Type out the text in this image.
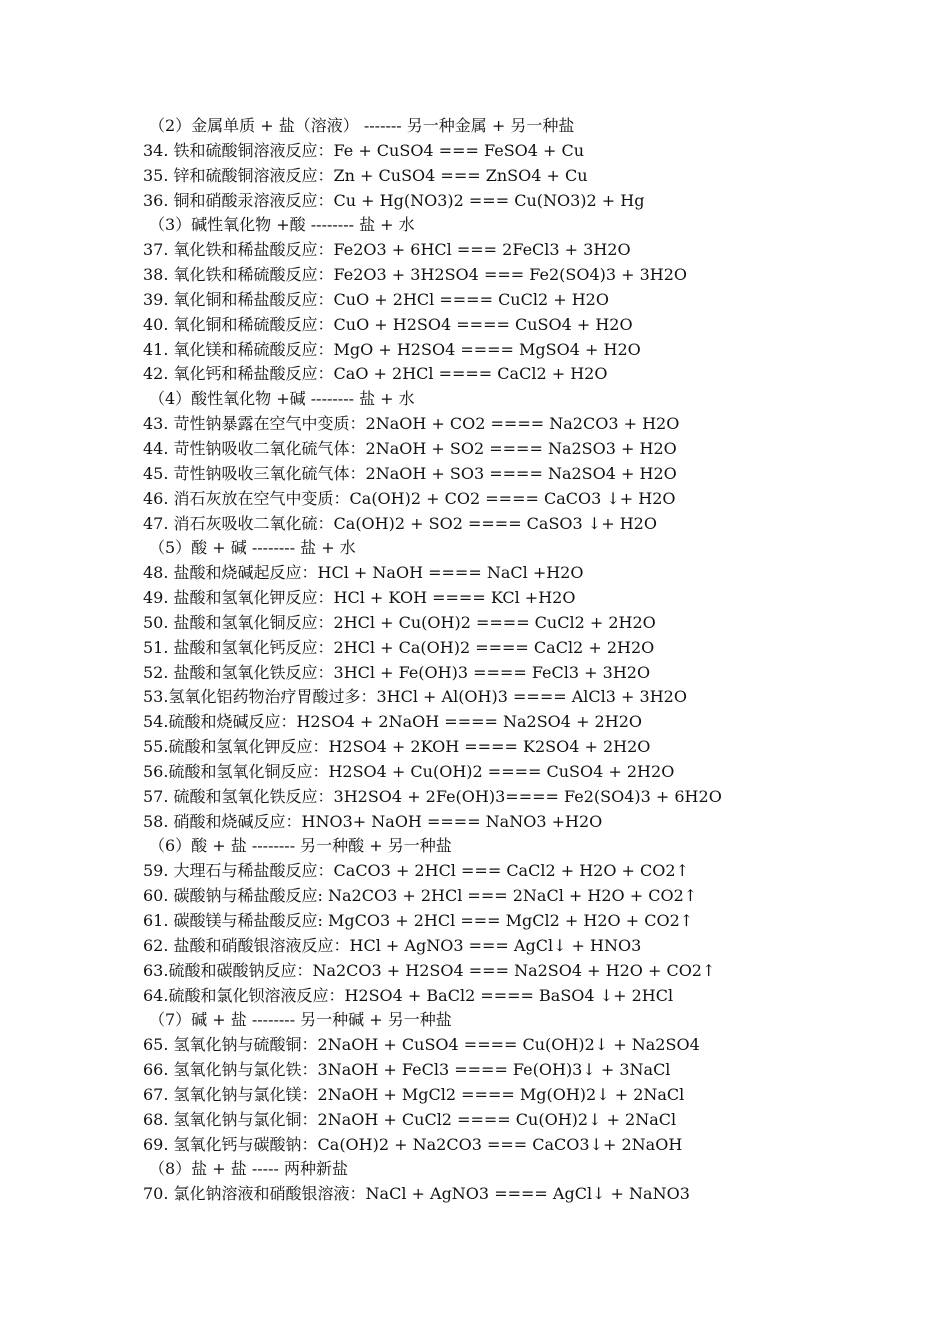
（2）金属单质 + 盐（溶液） ------- 另一种金属 + 另一种盐
34. 铁和硫酸铜溶液反应：Fe + CuSO4 === FeSO4 + Cu
35. 锌和硫酸铜溶液反应：Zn + CuSO4 === ZnSO4 + Cu
36. 铜和硝酸汞溶液反应：Cu + Hg(NO3)2 === Cu(NO3)2 + Hg
（3）碱性氧化物 +酸 -------- 盐 + 水
37. 氧化铁和稀盐酸反应：Fe2O3 + 6HCl === 2FeCl3 + 3H2O
38. 氧化铁和稀硫酸反应：Fe2O3 + 3H2SO4 === Fe2(SO4)3 + 3H2O
39. 氧化铜和稀盐酸反应：CuO + 2HCl ==== CuCl2 + H2O
40. 氧化铜和稀硫酸反应：CuO + H2SO4 ==== CuSO4 + H2O
41. 氧化镁和稀硫酸反应：MgO + H2SO4 ==== MgSO4 + H2O
42. 氧化钙和稀盐酸反应：CaO + 2HCl ==== CaCl2 + H2O
（4）酸性氧化物 +碱 -------- 盐 + 水
43. 苛性钠暴露在空气中变质：2NaOH + CO2 ==== Na2CO3 + H2O
44. 苛性钠吸收二氧化硫气体：2NaOH + SO2 ==== Na2SO3 + H2O
45. 苛性钠吸收三氧化硫气体：2NaOH + SO3 ==== Na2SO4 + H2O
46. 消石灰放在空气中变质：Ca(OH)2 + CO2 ==== CaCO3 ↓+ H2O
47. 消石灰吸收二氧化硫：Ca(OH)2 + SO2 ==== CaSO3 ↓+ H2O
（5）酸 + 碱 -------- 盐 + 水
48. 盐酸和烧碱起反应：HCl + NaOH ==== NaCl +H2O
49. 盐酸和氢氧化钾反应：HCl + KOH ==== KCl +H2O
50. 盐酸和氢氧化铜反应：2HCl + Cu(OH)2 ==== CuCl2 + 2H2O
51. 盐酸和氢氧化钙反应：2HCl + Ca(OH)2 ==== CaCl2 + 2H2O
52. 盐酸和氢氧化铁反应：3HCl + Fe(OH)3 ==== FeCl3 + 3H2O
53.氢氧化铝药物治疗胃酸过多：3HCl + Al(OH)3 ==== AlCl3 + 3H2O
54.硫酸和烧碱反应：H2SO4 + 2NaOH ==== Na2SO4 + 2H2O
55.硫酸和氢氧化钾反应：H2SO4 + 2KOH ==== K2SO4 + 2H2O
56.硫酸和氢氧化铜反应：H2SO4 + Cu(OH)2 ==== CuSO4 + 2H2O
57. 硫酸和氢氧化铁反应：3H2SO4 + 2Fe(OH)3==== Fe2(SO4)3 + 6H2O
58. 硝酸和烧碱反应：HNO3+ NaOH ==== NaNO3 +H2O
（6）酸 + 盐 -------- 另一种酸 + 另一种盐
59. 大理石与稀盐酸反应：CaCO3 + 2HCl === CaCl2 + H2O + CO2↑
60. 碳酸钠与稀盐酸反应: Na2CO3 + 2HCl === 2NaCl + H2O + CO2↑
61. 碳酸镁与稀盐酸反应: MgCO3 + 2HCl === MgCl2 + H2O + CO2↑
62. 盐酸和硝酸银溶液反应：HCl + AgNO3 === AgCl↓ + HNO3
63.硫酸和碳酸钠反应：Na2CO3 + H2SO4 === Na2SO4 + H2O + CO2↑
64.硫酸和氯化钡溶液反应：H2SO4 + BaCl2 ==== BaSO4 ↓+ 2HCl
（7）碱 + 盐 -------- 另一种碱 + 另一种盐
65. 氢氧化钠与硫酸铜：2NaOH + CuSO4 ==== Cu(OH)2↓ + Na2SO4
66. 氢氧化钠与氯化铁：3NaOH + FeCl3 ==== Fe(OH)3↓ + 3NaCl
67. 氢氧化钠与氯化镁：2NaOH + MgCl2 ==== Mg(OH)2↓ + 2NaCl
68. 氢氧化钠与氯化铜：2NaOH + CuCl2 ==== Cu(OH)2↓ + 2NaCl
69. 氢氧化钙与碳酸钠：Ca(OH)2 + Na2CO3 === CaCO3↓+ 2NaOH
（8）盐 + 盐 ----- 两种新盐
70. 氯化钠溶液和硝酸银溶液：NaCl + AgNO3 ==== AgCl↓ + NaNO3
